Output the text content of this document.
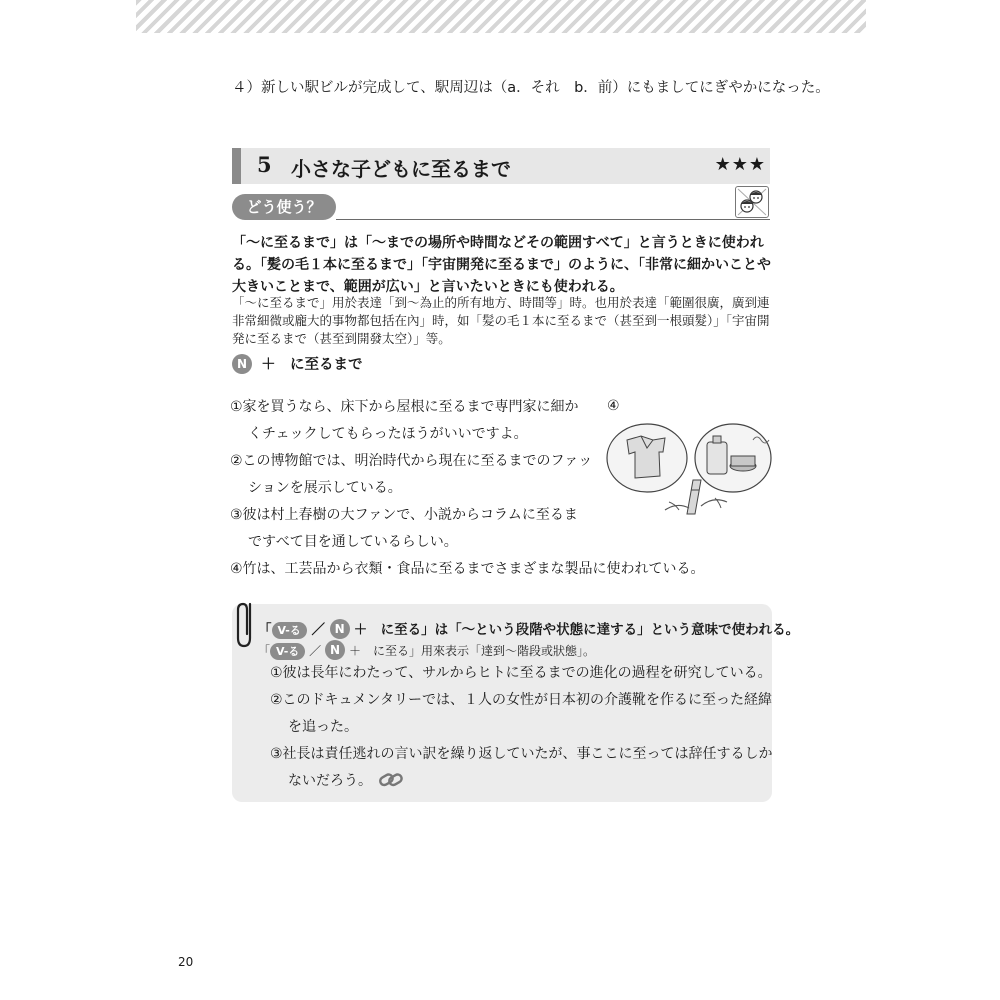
４）新しい駅ビルが完成して、駅周辺は（a．それ　b．前）にもましてにぎやかになった。
5 小さな子どもに至るまで	★★★
どう使う？
「〜に至るまで」は「〜までの場所や時間などその範囲すべて」と言うときに使われる。「髪の毛１本に至るまで」「宇宙開発に至るまで」のように、「非常に細かいことや大きいことまで、範囲が広い」と言いたいときにも使われる。
「〜に至るまで」用於表達「到〜為止的所有地方、時間等」時。也用於表達「範圍很廣，廣到連非常細微或龐大的事物都包括在內」時，如「髪の毛１本に至るまで（甚至到一根頭髮）」「宇宙開発に至るまで（甚至到開發太空）」等。
N ＋　に至るまで

①家を買うなら、床下から屋根に至るまで専門家に細か

くチェックしてもらったほうがいいですよ。

②この博物館では、明治時代から現在に至るまでのファッ

ションを展示している。

③彼は村上春樹の大ファンで、小説からコラムに至るま

ですべて目を通しているらしい。

④竹は、工芸品から衣類・食品に至るまでさまざまな製品に使われている。

④
「 V-る ／ N ＋　に至る」は「〜という段階や状態に達する」という意味で使われる。
「 V-る ／ N ＋　に至る」用來表示「達到〜階段或狀態」。

①彼は長年にわたって、サルからヒトに至るまでの進化の過程を研究している。

②このドキュメンタリーでは、１人の女性が日本初の介護靴を作るに至った経緯

を追った。

③社長は責任逃れの言い訳を繰り返していたが、事ここに至っては辞任するしか

ないだろう。

20
